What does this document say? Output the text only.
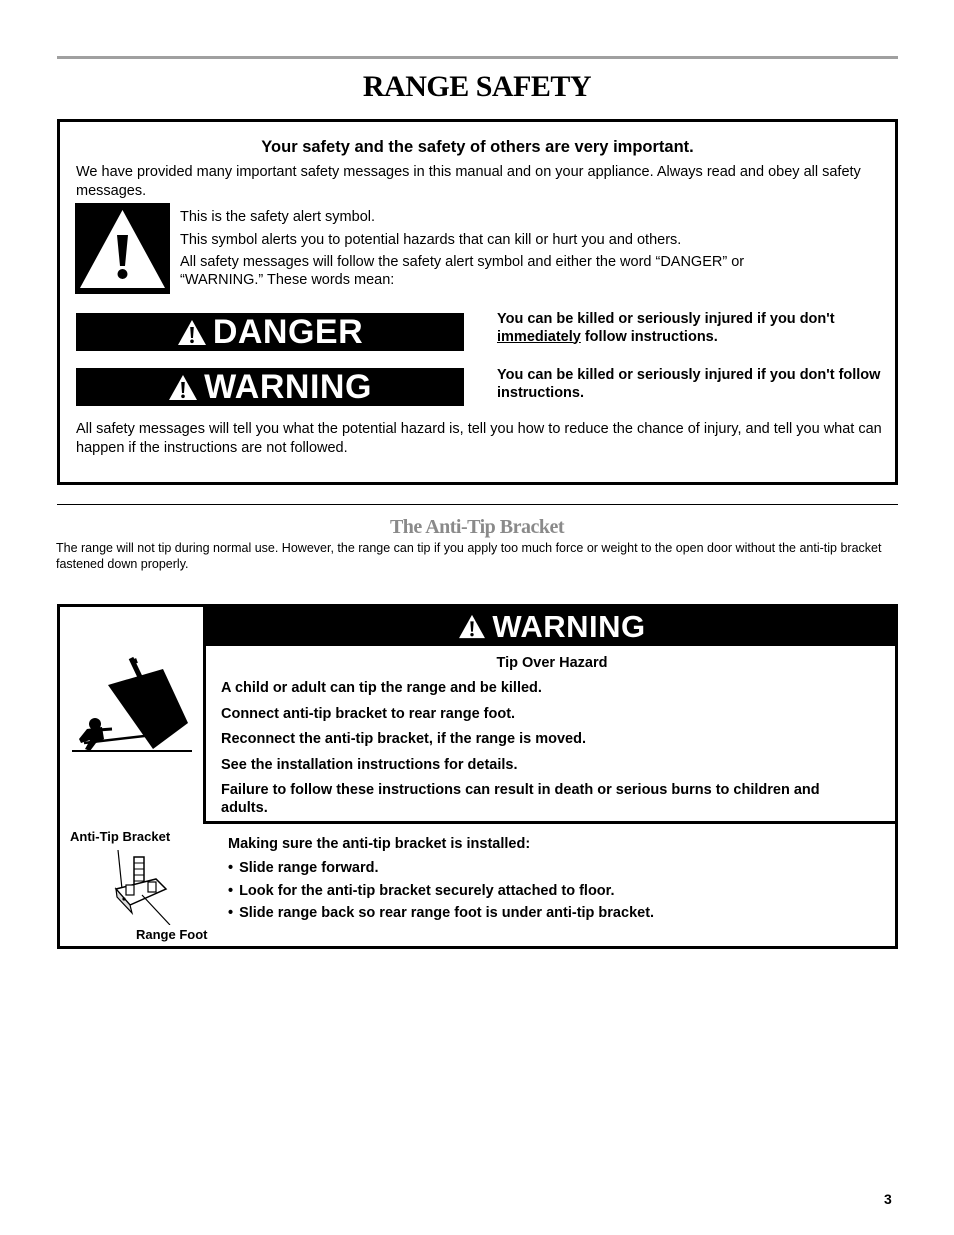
RANGE SAFETY
Your safety and the safety of others are very important.

We have provided many important safety messages in this manual and on your appliance. Always read and obey all safety messages.

This is the safety alert symbol.
This symbol alerts you to potential hazards that can kill or hurt you and others.
All safety messages will follow the safety alert symbol and either the word “DANGER” or “WARNING.” These words mean:
DANGER	You can be killed or seriously injured if you don't immediately follow instructions.

WARNING	You can be killed or seriously injured if you don't follow instructions.

All safety messages will tell you what the potential hazard is, tell you how to reduce the chance of injury, and tell you what can happen if the instructions are not followed.

The Anti-Tip Bracket

The range will not tip during normal use. However, the range can tip if you apply too much force or weight to the open door without the anti-tip bracket fastened down properly.

WARNING
Tip Over Hazard
A child or adult can tip the range and be killed.
Connect anti-tip bracket to rear range foot.
Reconnect the anti-tip bracket, if the range is moved.
See the installation instructions for details.
Failure to follow these instructions can result in death or serious burns to children and adults.
Anti-Tip Bracket
Range Foot
Making sure the anti-tip bracket is installed:
• Slide range forward.
• Look for the anti-tip bracket securely attached to floor.
• Slide range back so rear range foot is under anti-tip bracket.
3
